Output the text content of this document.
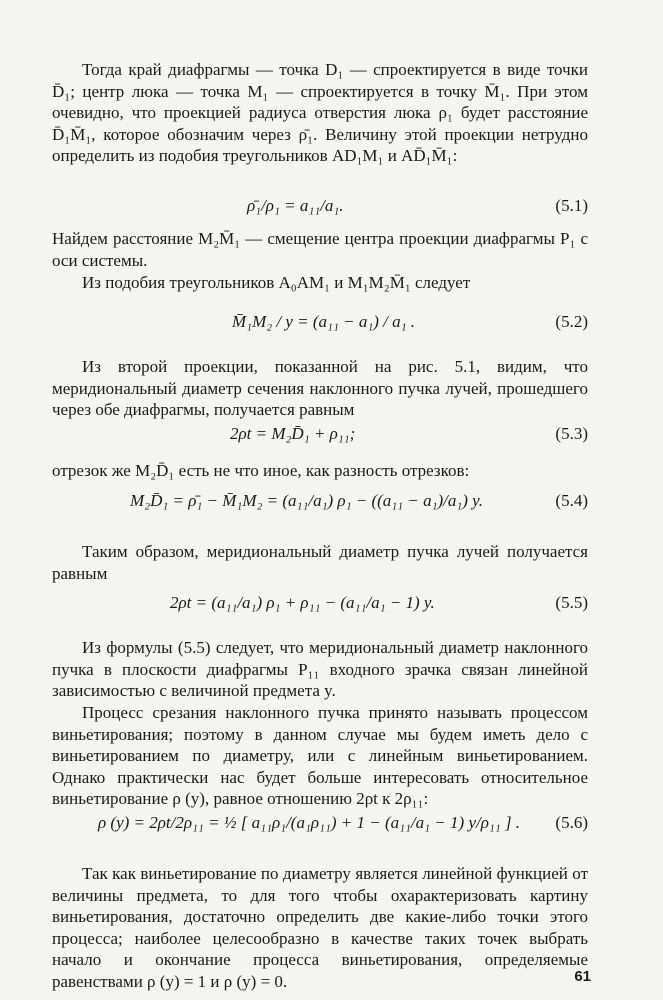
Тогда край диафрагмы — точка D₁ — спроектируется в виде точки D̄₁; центр люка — точка M₁ — спроектируется в точку M̄₁. При этом очевидно, что проекцией радиуса отверстия люка ρ₁ будет расстояние D̄₁M̄₁, которое обозначим через ρ̄₁. Величину этой проекции нетрудно определить из подобия треугольников AD₁M₁ и AD̄₁M̄₁:

ρ̄₁/ρ₁ = a₁₁/a₁.	(5.1)

Найдем расстояние M₂M̄₁ — смещение центра проекции диафрагмы P₁ с оси системы.

Из подобия треугольников A₀AM₁ и M₁M₂M̄₁ следует

M̄₁M₂ / y = (a₁₁ − a₁) / a₁ .	(5.2)

Из второй проекции, показанной на рис. 5.1, видим, что меридиональный диаметр сечения наклонного пучка лучей, прошедшего через обе диафрагмы, получается равным

2ρt = M₂D̄₁ + ρ₁₁;	(5.3)

отрезок же M₂D̄₁ есть не что иное, как разность отрезков:

M₂D̄₁ = ρ̄₁ − M̄₁M₂ = (a₁₁/a₁) ρ₁ − ((a₁₁ − a₁)/a₁) y.	(5.4)

Таким образом, меридиональный диаметр пучка лучей получается равным

2ρt = (a₁₁/a₁) ρ₁ + ρ₁₁ − (a₁₁/a₁ − 1) y.	(5.5)

Из формулы (5.5) следует, что меридиональный диаметр наклонного пучка в плоскости диафрагмы P₁₁ входного зрачка связан линейной зависимостью с величиной предмета y.

Процесс срезания наклонного пучка принято называть процессом виньетирования; поэтому в данном случае мы будем иметь дело с виньетированием по диаметру, или с линейным виньетированием. Однако практически нас будет больше интересовать относительное виньетирование ρ (y), равное отношению 2ρt к 2ρ₁₁:

ρ (y) = 2ρt/2ρ₁₁ = ½ [ a₁₁ρ₁/(a₁ρ₁₁) + 1 − (a₁₁/a₁ − 1) y/ρ₁₁ ] . (5.6)

Так как виньетирование по диаметру является линейной функцией от величины предмета, то для того чтобы охарактеризовать картину виньетирования, достаточно определить две какие-либо точки этого процесса; наиболее целесообразно в качестве таких точек выбрать начало и окончание процесса виньетирования, определяемые равенствами ρ (y) = 1 и ρ (y) = 0.	61
